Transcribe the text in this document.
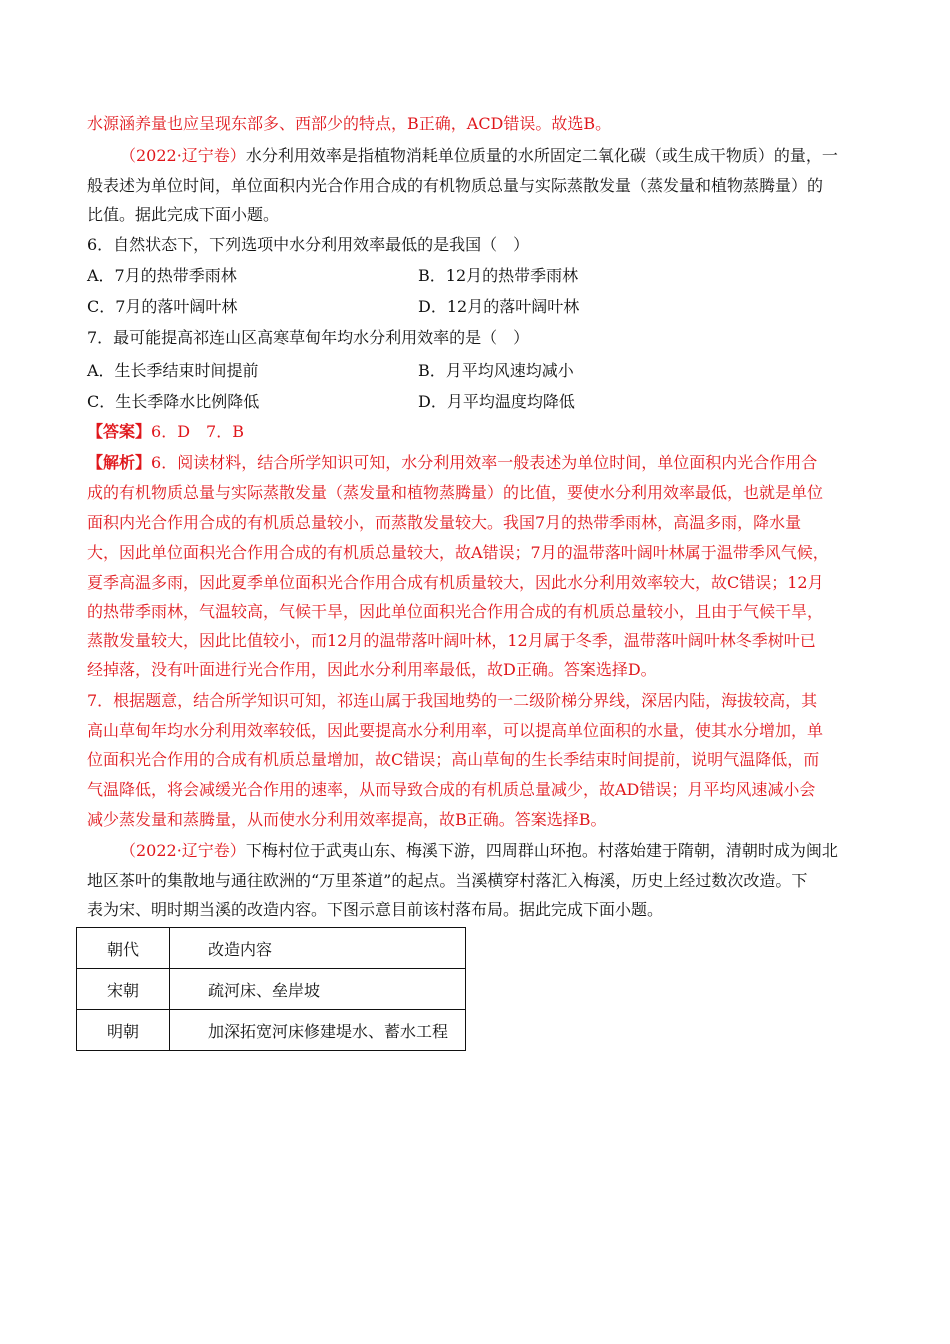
水源涵养量也应呈现东部多、西部少的特点，B正确，ACD错误。故选B。
（2022·辽宁卷）水分利用效率是指植物消耗单位质量的水所固定二氧化碳（或生成干物质）的量，一
般表述为单位时间，单位面积内光合作用合成的有机物质总量与实际蒸散发量（蒸发量和植物蒸腾量）的
比值。据此完成下面小题。
6．自然状态下，下列选项中水分利用效率最低的是我国（　）
A．7月的热带季雨林	B．12月的热带季雨林
C．7月的落叶阔叶林	D．12月的落叶阔叶林
7．最可能提高祁连山区高寒草甸年均水分利用效率的是（　）
A．生长季结束时间提前	B．月平均风速均减小
C．生长季降水比例降低	D．月平均温度均降低
【答案】6．D　7．B
【解析】6．阅读材料，结合所学知识可知，水分利用效率一般表述为单位时间，单位面积内光合作用合
成的有机物质总量与实际蒸散发量（蒸发量和植物蒸腾量）的比值，要使水分利用效率最低，也就是单位
面积内光合作用合成的有机质总量较小，而蒸散发量较大。我国7月的热带季雨林，高温多雨，降水量
大，因此单位面积光合作用合成的有机质总量较大，故A错误；7月的温带落叶阔叶林属于温带季风气候，
夏季高温多雨，因此夏季单位面积光合作用合成有机质量较大，因此水分利用效率较大，故C错误；12月
的热带季雨林，气温较高，气候干旱，因此单位面积光合作用合成的有机质总量较小，且由于气候干旱，
蒸散发量较大，因此比值较小，而12月的温带落叶阔叶林，12月属于冬季，温带落叶阔叶林冬季树叶已
经掉落，没有叶面进行光合作用，因此水分利用率最低，故D正确。答案选择D。
7．根据题意，结合所学知识可知，祁连山属于我国地势的一二级阶梯分界线，深居内陆，海拔较高，其
高山草甸年均水分利用效率较低，因此要提高水分利用率，可以提高单位面积的水量，使其水分增加，单
位面积光合作用的合成有机质总量增加，故C错误；高山草甸的生长季结束时间提前，说明气温降低，而
气温降低，将会减缓光合作用的速率，从而导致合成的有机质总量减少，故AD错误；月平均风速减小会
减少蒸发量和蒸腾量，从而使水分利用效率提高，故B正确。答案选择B。
（2022·辽宁卷）下梅村位于武夷山东、梅溪下游，四周群山环抱。村落始建于隋朝，清朝时成为闽北
地区茶叶的集散地与通往欧洲的“万里茶道”的起点。当溪横穿村落汇入梅溪，历史上经过数次改造。下
表为宋、明时期当溪的改造内容。下图示意目前该村落布局。据此完成下面小题。
朝代	改造内容
宋朝	疏河床、垒岸坡
明朝	加深拓宽河床修建堤水、蓄水工程
